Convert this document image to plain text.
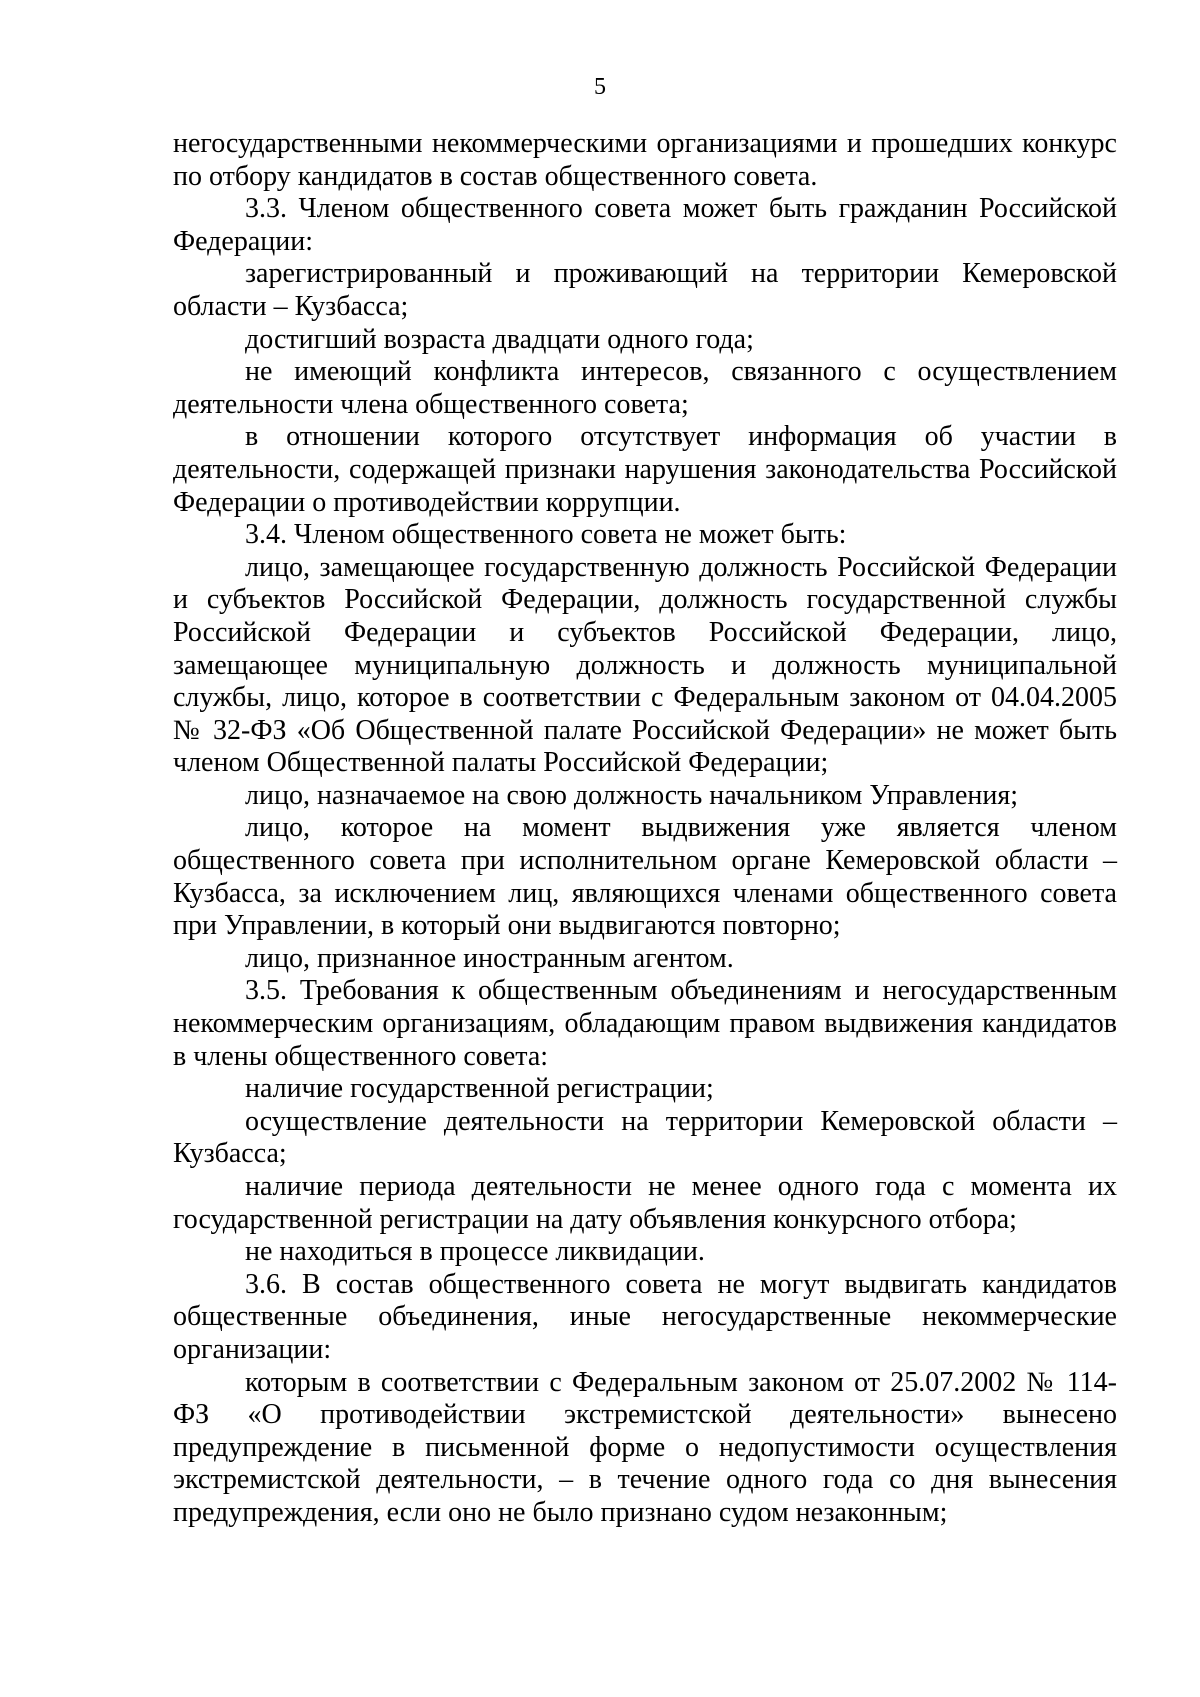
5

негосударственными некоммерческими организациями и прошедших конкурс по отбору кандидатов в состав общественного совета.

3.3. Членом общественного совета может быть гражданин Российской Федерации:

зарегистрированный и проживающий на территории Кемеровской области – Кузбасса;

достигший возраста двадцати одного года;

не имеющий конфликта интересов, связанного с осуществлением деятельности члена общественного совета;

в отношении которого отсутствует информация об участии в деятельности, содержащей признаки нарушения законодательства Российской Федерации о противодействии коррупции.

3.4. Членом общественного совета не может быть:

лицо, замещающее государственную должность Российской Федерации и субъектов Российской Федерации, должность государственной службы Российской Федерации и субъектов Российской Федерации, лицо, замещающее муниципальную должность и должность муниципальной службы, лицо, которое в соответствии с Федеральным законом от 04.04.2005 № 32-ФЗ «Об Общественной палате Российской Федерации» не может быть членом Общественной палаты Российской Федерации;

лицо, назначаемое на свою должность начальником Управления;

лицо, которое на момент выдвижения уже является членом общественного совета при исполнительном органе Кемеровской области – Кузбасса, за исключением лиц, являющихся членами общественного совета при Управлении, в который они выдвигаются повторно;

лицо, признанное иностранным агентом.

3.5. Требования к общественным объединениям и негосударственным некоммерческим организациям, обладающим правом выдвижения кандидатов в члены общественного совета:

наличие государственной регистрации;

осуществление деятельности на территории Кемеровской области – Кузбасса;

наличие периода деятельности не менее одного года с момента их государственной регистрации на дату объявления конкурсного отбора;

не находиться в процессе ликвидации.

3.6. В состав общественного совета не могут выдвигать кандидатов общественные объединения, иные негосударственные некоммерческие организации:

которым в соответствии с Федеральным законом от 25.07.2002 № 114-ФЗ «О противодействии экстремистской деятельности» вынесено предупреждение в письменной форме о недопустимости осуществления экстремистской деятельности, – в течение одного года со дня вынесения предупреждения, если оно не было признано судом незаконным;
